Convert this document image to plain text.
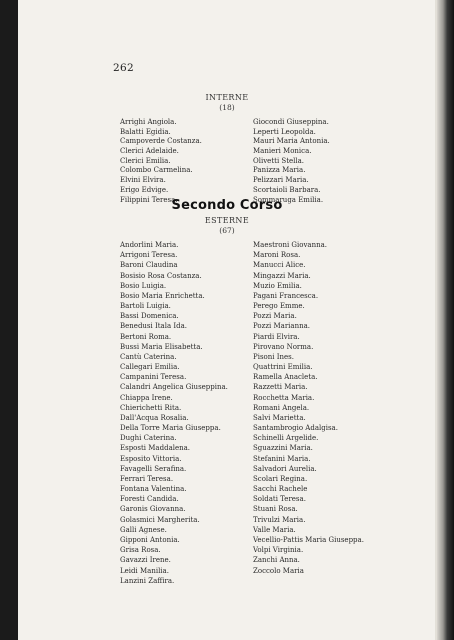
262
INTERNE
(18)
Arrighi Angiola.
Balatti Egidia.
Campoverde Costanza.
Clerici Adelaide.
Clerici Emilia.
Colombo Carmelina.
Elvini Elvira.
Erigo Edvige.
Filippini Teresa.
Giocondi Giuseppina.
Leperti Leopolda.
Mauri Maria Antonia.
Manieri Monica.
Olivetti Stella.
Panizza Maria.
Pelizzari Maria.
Scortaioli Barbara.
Sommaruga Emilia.
Secondo Corso
ESTERNE
(67)
Andorlini Maria.
Arrigoni Teresa.
Baroni Claudina
Bosisio Rosa Costanza.
Bosio Luigia.
Bosio Maria Enrichetta.
Bartoli Luigia.
Bassi Domenica.
Benedusi Itala Ida.
Bertoni Roma.
Bussi Maria Elisabetta.
Cantù Caterina.
Callegari Emilia.
Campanini Teresa.
Calandri Angelica Giuseppina.
Chiappa Irene.
Chierichetti Rita.
Dall'Acqua Rosalia.
Della Torre Maria Giuseppa.
Dughi Caterina.
Esposti Maddalena.
Esposito Vittoria.
Favagelli Serafina.
Ferrari Teresa.
Fontana Valentina.
Foresti Candida.
Garonis Giovanna.
Golasmici Margherita.
Galli Agnese.
Gipponi Antonia.
Grisa Rosa.
Gavazzi Irene.
Leidi Manilia.
Lanzini Zaffira.
Maestroni Giovanna.
Maroni Rosa.
Manucci Alice.
Mingazzi Maria.
Muzio Emilia.
Pagani Francesca.
Perego Emme.
Pozzi Maria.
Pozzi Marianna.
Piardi Elvira.
Pirovano Norma.
Pisoni Ines.
Quattrini Emilia.
Ramella Anacleta.
Razzetti Maria.
Rocchetta Maria.
Romani Angela.
Salvi Marietta.
Santambrogio Adalgisa.
Schinelli Argelide.
Sguazzini Maria.
Stefanini Maria.
Salvadori Aurelia.
Scolari Regina.
Sacchi Rachele
Soldati Teresa.
Stuani Rosa.
Trivulzi Maria.
Valle Maria.
Vecellio-Pattis Maria Giuseppa.
Volpi Virginia.
Zanchi Anna.
Zoccolo Maria
